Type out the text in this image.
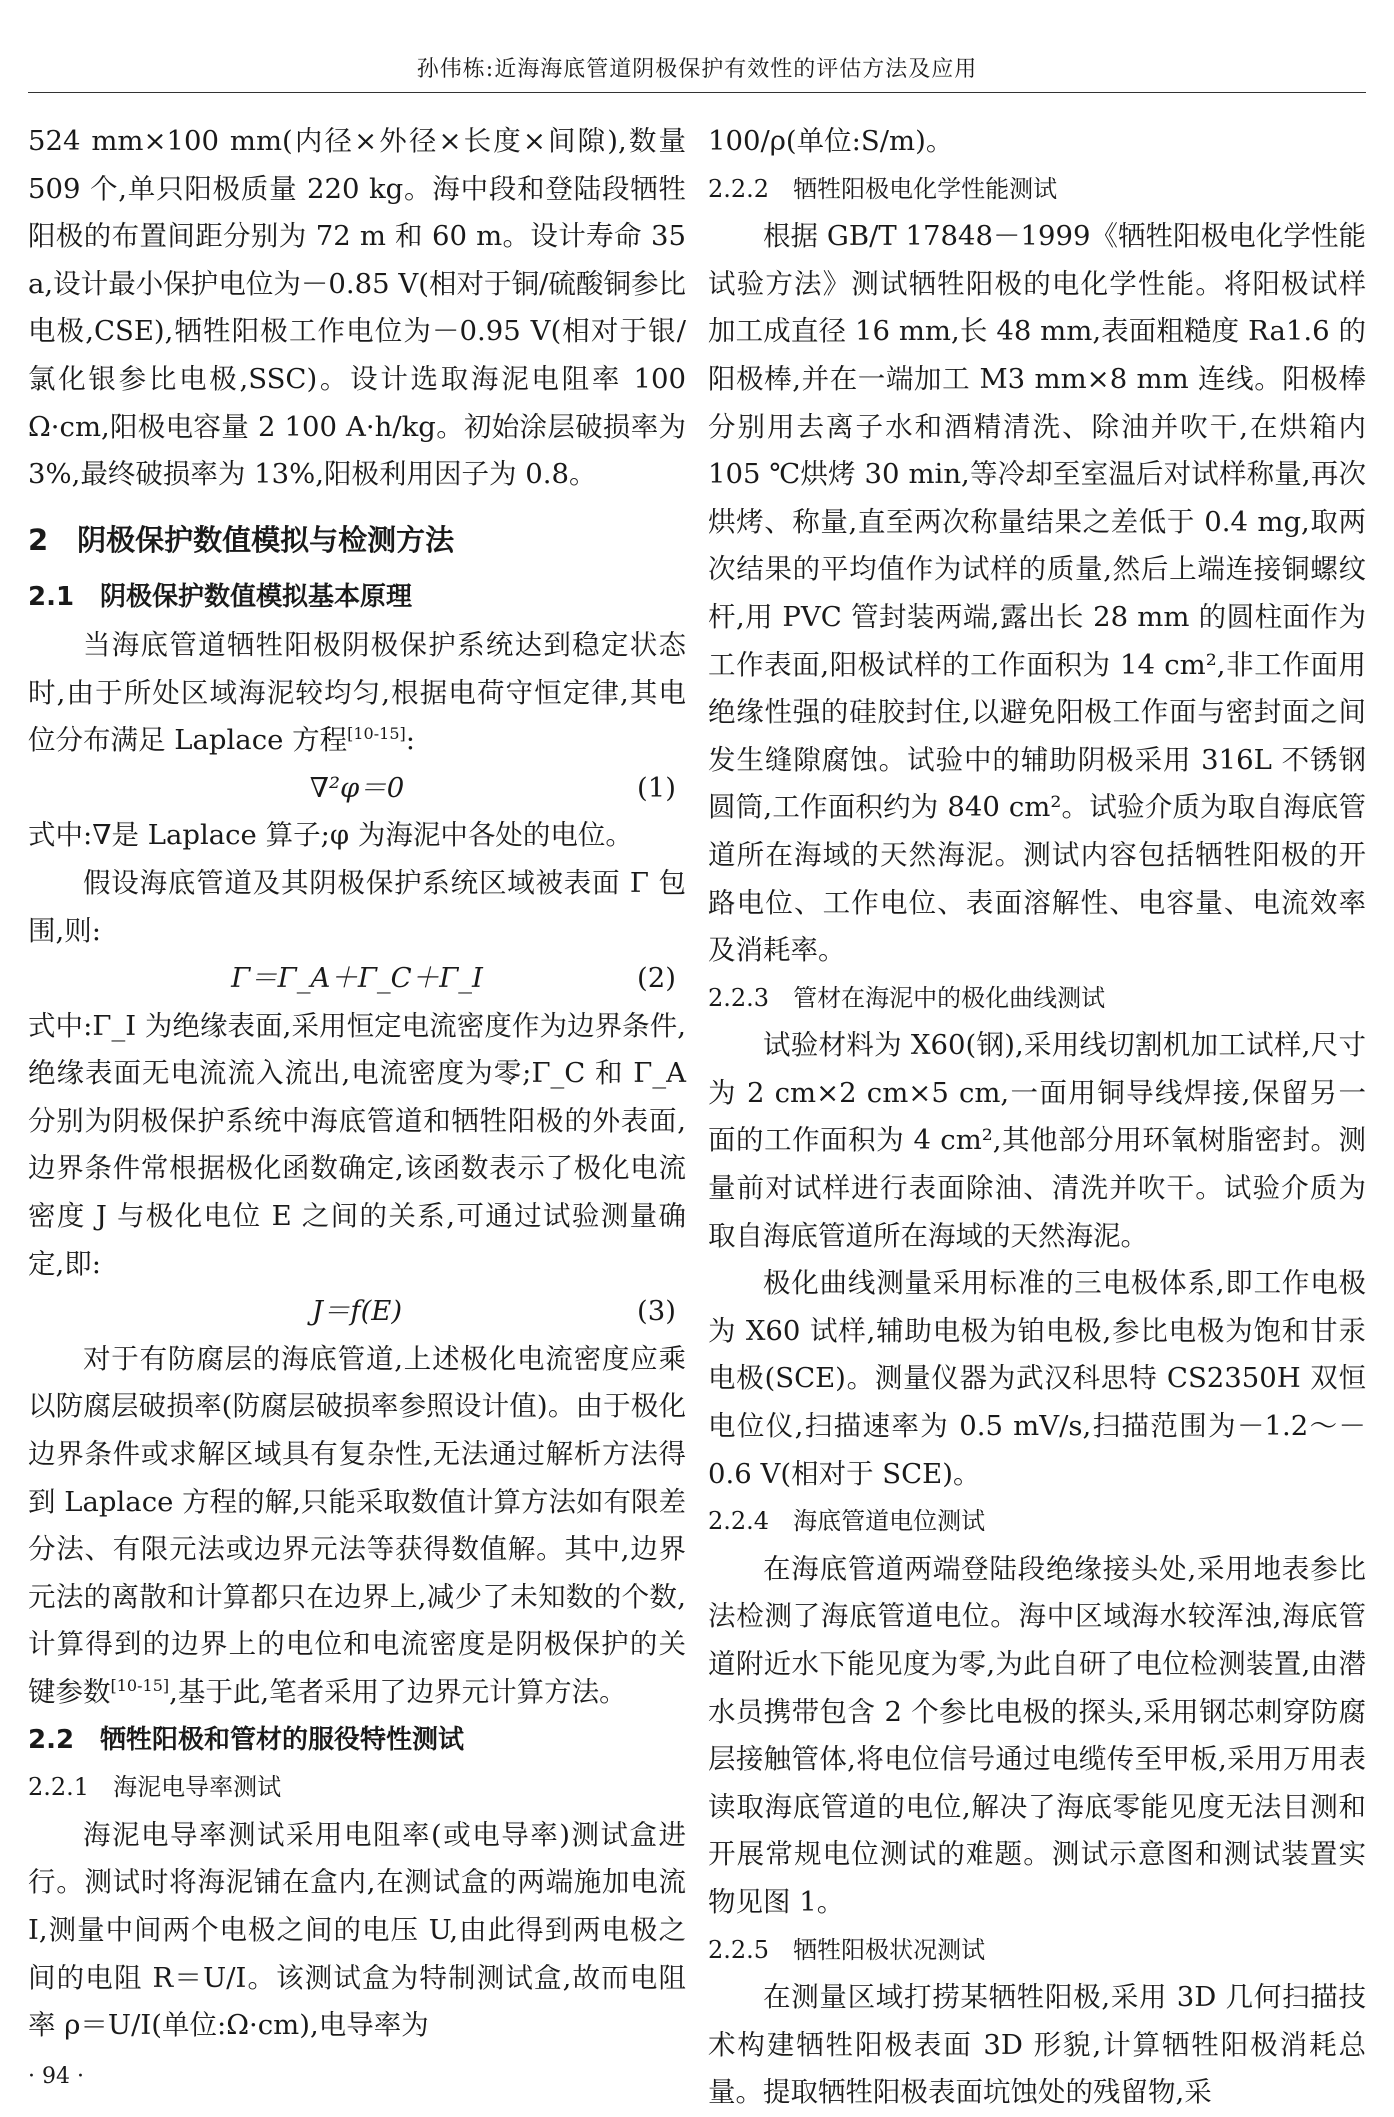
孙伟栋:近海海底管道阴极保护有效性的评估方法及应用

524 mm×100 mm(内径×外径×长度×间隙),数量 509 个,单只阳极质量 220 kg。海中段和登陆段牺牲阳极的布置间距分别为 72 m 和 60 m。设计寿命 35 a,设计最小保护电位为－0.85 V(相对于铜/硫酸铜参比电极,CSE),牺牲阳极工作电位为－0.95 V(相对于银/氯化银参比电极,SSC)。设计选取海泥电阻率 100 Ω·cm,阳极电容量 2 100 A·h/kg。初始涂层破损率为 3%,最终破损率为 13%,阳极利用因子为 0.8。

2　阴极保护数值模拟与检测方法
2.1　阴极保护数值模拟基本原理

当海底管道牺牲阳极阴极保护系统达到稳定状态时,由于所处区域海泥较均匀,根据电荷守恒定律,其电位分布满足 Laplace 方程[10-15]:

∇²φ＝0	(1)

式中:∇是 Laplace 算子;φ 为海泥中各处的电位。

假设海底管道及其阴极保护系统区域被表面 Γ 包围,则:

Γ＝Γ_A＋Γ_C＋Γ_I	(2)

式中:Γ_I 为绝缘表面,采用恒定电流密度作为边界条件,绝缘表面无电流流入流出,电流密度为零;Γ_C 和 Γ_A 分别为阴极保护系统中海底管道和牺牲阳极的外表面,边界条件常根据极化函数确定,该函数表示了极化电流密度 J 与极化电位 E 之间的关系,可通过试验测量确定,即:

J＝f(E)	(3)

对于有防腐层的海底管道,上述极化电流密度应乘以防腐层破损率(防腐层破损率参照设计值)。由于极化边界条件或求解区域具有复杂性,无法通过解析方法得到 Laplace 方程的解,只能采取数值计算方法如有限差分法、有限元法或边界元法等获得数值解。其中,边界元法的离散和计算都只在边界上,减少了未知数的个数,计算得到的边界上的电位和电流密度是阴极保护的关键参数[10-15],基于此,笔者采用了边界元计算方法。

2.2　牺牲阳极和管材的服役特性测试
2.2.1　海泥电导率测试

海泥电导率测试采用电阻率(或电导率)测试盒进行。测试时将海泥铺在盒内,在测试盒的两端施加电流 I,测量中间两个电极之间的电压 U,由此得到两电极之间的电阻 R＝U/I。该测试盒为特制测试盒,故而电阻率 ρ＝U/I(单位:Ω·cm),电导率为

100/ρ(单位:S/m)。

2.2.2　牺牲阳极电化学性能测试

根据 GB/T 17848－1999《牺牲阳极电化学性能试验方法》测试牺牲阳极的电化学性能。将阳极试样加工成直径 16 mm,长 48 mm,表面粗糙度 Ra1.6 的阳极棒,并在一端加工 M3 mm×8 mm 连线。阳极棒分别用去离子水和酒精清洗、除油并吹干,在烘箱内 105 ℃烘烤 30 min,等冷却至室温后对试样称量,再次烘烤、称量,直至两次称量结果之差低于 0.4 mg,取两次结果的平均值作为试样的质量,然后上端连接铜螺纹杆,用 PVC 管封装两端,露出长 28 mm 的圆柱面作为工作表面,阳极试样的工作面积为 14 cm²,非工作面用绝缘性强的硅胶封住,以避免阳极工作面与密封面之间发生缝隙腐蚀。试验中的辅助阴极采用 316L 不锈钢圆筒,工作面积约为 840 cm²。试验介质为取自海底管道所在海域的天然海泥。测试内容包括牺牲阳极的开路电位、工作电位、表面溶解性、电容量、电流效率及消耗率。

2.2.3　管材在海泥中的极化曲线测试

试验材料为 X60(钢),采用线切割机加工试样,尺寸为 2 cm×2 cm×5 cm,一面用铜导线焊接,保留另一面的工作面积为 4 cm²,其他部分用环氧树脂密封。测量前对试样进行表面除油、清洗并吹干。试验介质为取自海底管道所在海域的天然海泥。

极化曲线测量采用标准的三电极体系,即工作电极为 X60 试样,辅助电极为铂电极,参比电极为饱和甘汞电极(SCE)。测量仪器为武汉科思特 CS2350H 双恒电位仪,扫描速率为 0.5 mV/s,扫描范围为－1.2～－0.6 V(相对于 SCE)。

2.2.4　海底管道电位测试

在海底管道两端登陆段绝缘接头处,采用地表参比法检测了海底管道电位。海中区域海水较浑浊,海底管道附近水下能见度为零,为此自研了电位检测装置,由潜水员携带包含 2 个参比电极的探头,采用钢芯刺穿防腐层接触管体,将电位信号通过电缆传至甲板,采用万用表读取海底管道的电位,解决了海底零能见度无法目测和开展常规电位测试的难题。测试示意图和测试装置实物见图 1。

2.2.5　牺牲阳极状况测试

在测量区域打捞某牺牲阳极,采用 3D 几何扫描技术构建牺牲阳极表面 3D 形貌,计算牺牲阳极消耗总量。提取牺牲阳极表面坑蚀处的残留物,采

· 94 ·
